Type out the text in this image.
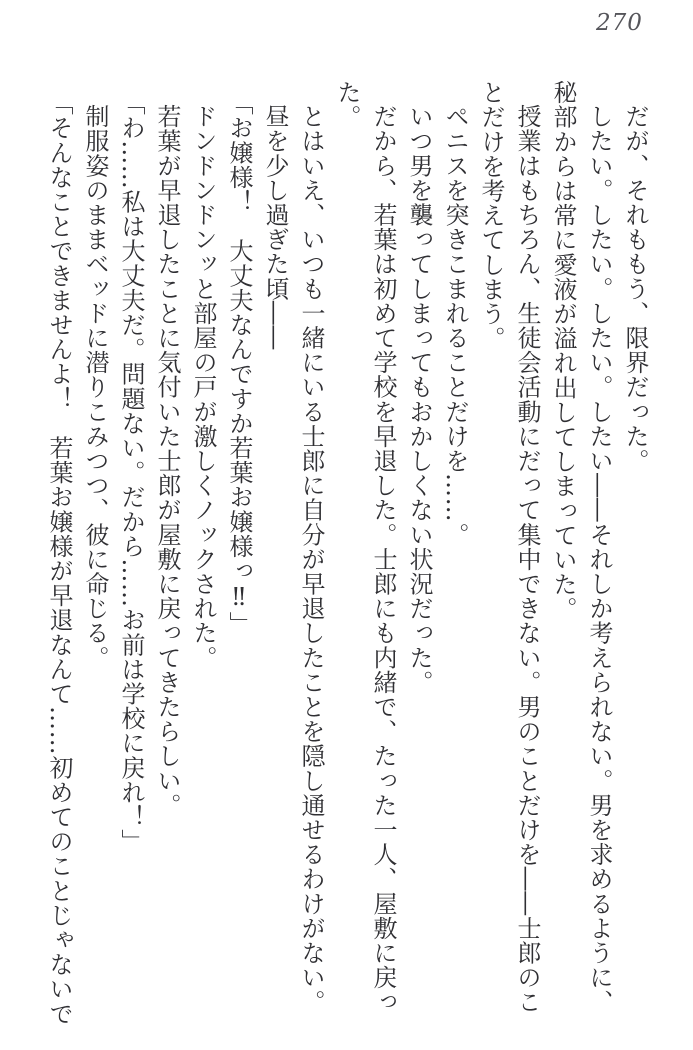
270
だが、それももう、限界だった。
したい。したい。したい。したい――それしか考えられない。男を求めるように、
秘部からは常に愛液が溢れ出してしまっていた。
授業はもちろん、生徒会活動にだって集中できない。男のことだけを――士郎のこ
とだけを考えてしまう。
ペニスを突きこまれることだけを……。
いつ男を襲ってしまってもおかしくない状況だった。
だから、若葉は初めて学校を早退した。士郎にも内緒で、たった一人、屋敷に戻っ
た。
とはいえ、いつも一緒にいる士郎に自分が早退したことを隠し通せるわけがない。
昼を少し過ぎた頃――
「お嬢様！　大丈夫なんですか若葉お嬢様っ‼」
ドンドンドンッと部屋の戸が激しくノックされた。
若葉が早退したことに気付いた士郎が屋敷に戻ってきたらしい。
「わ……私は大丈夫だ。問題ない。だから……お前は学校に戻れ！」
制服姿のままベッドに潜りこみつつ、彼に命じる。
「そんなことできませんよ！　若葉お嬢様が早退なんて……初めてのことじゃないで
